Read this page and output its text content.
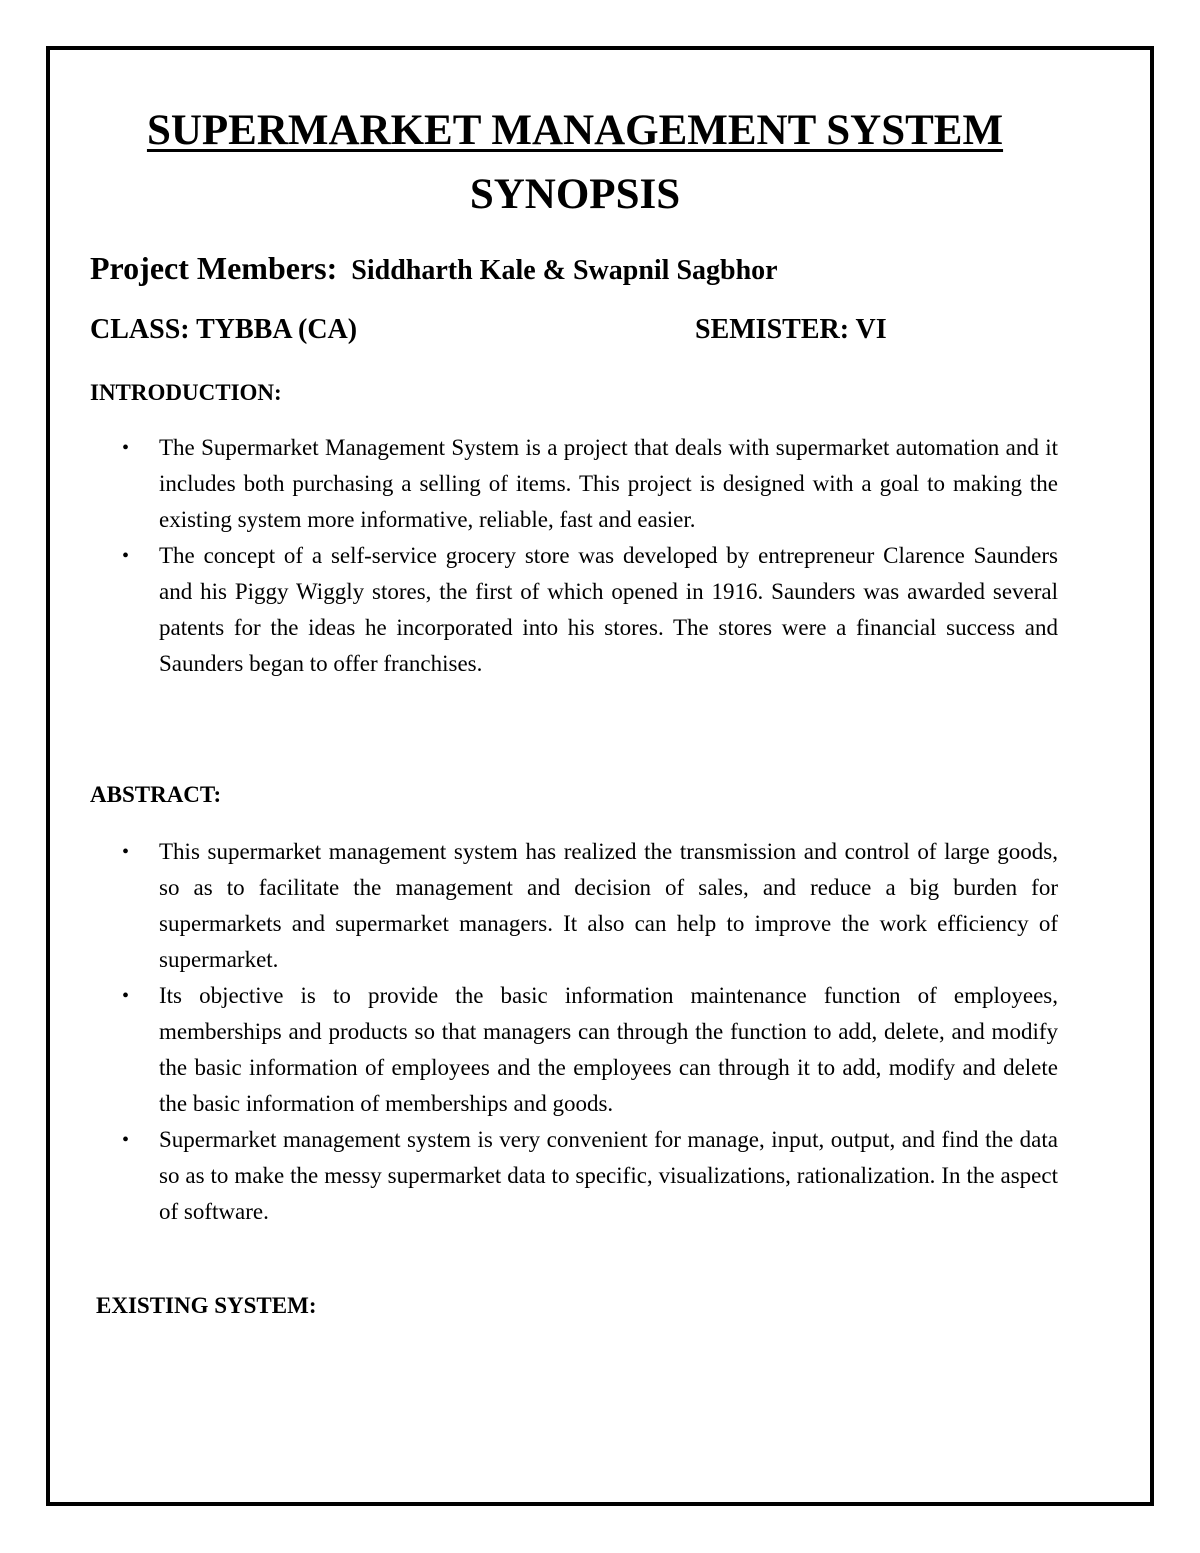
SUPERMARKET MANAGEMENT SYSTEM
SYNOPSIS
Project Members: Siddharth Kale & Swapnil Sagbhor
CLASS: TYBBA (CA)	SEMISTER: VI
INTRODUCTION:
• The Supermarket Management System is a project that deals with supermarket automation and it includes both purchasing a selling of items. This project is designed with a goal to making the existing system more informative, reliable, fast and easier.
• The concept of a self-service grocery store was developed by entrepreneur Clarence Saunders and his Piggy Wiggly stores, the first of which opened in 1916. Saunders was awarded several patents for the ideas he incorporated into his stores. The stores were a financial success and Saunders began to offer franchises.
ABSTRACT:
• This supermarket management system has realized the transmission and control of large goods, so as to facilitate the management and decision of sales, and reduce a big burden for supermarkets and supermarket managers. It also can help to improve the work efficiency of supermarket.
• Its objective is to provide the basic information maintenance function of employees, memberships and products so that managers can through the function to add, delete, and modify the basic information of employees and the employees can through it to add, modify and delete the basic information of memberships and goods.
• Supermarket management system is very convenient for manage, input, output, and find the data so as to make the messy supermarket data to specific, visualizations, rationalization. In the aspect of software.
EXISTING SYSTEM:
